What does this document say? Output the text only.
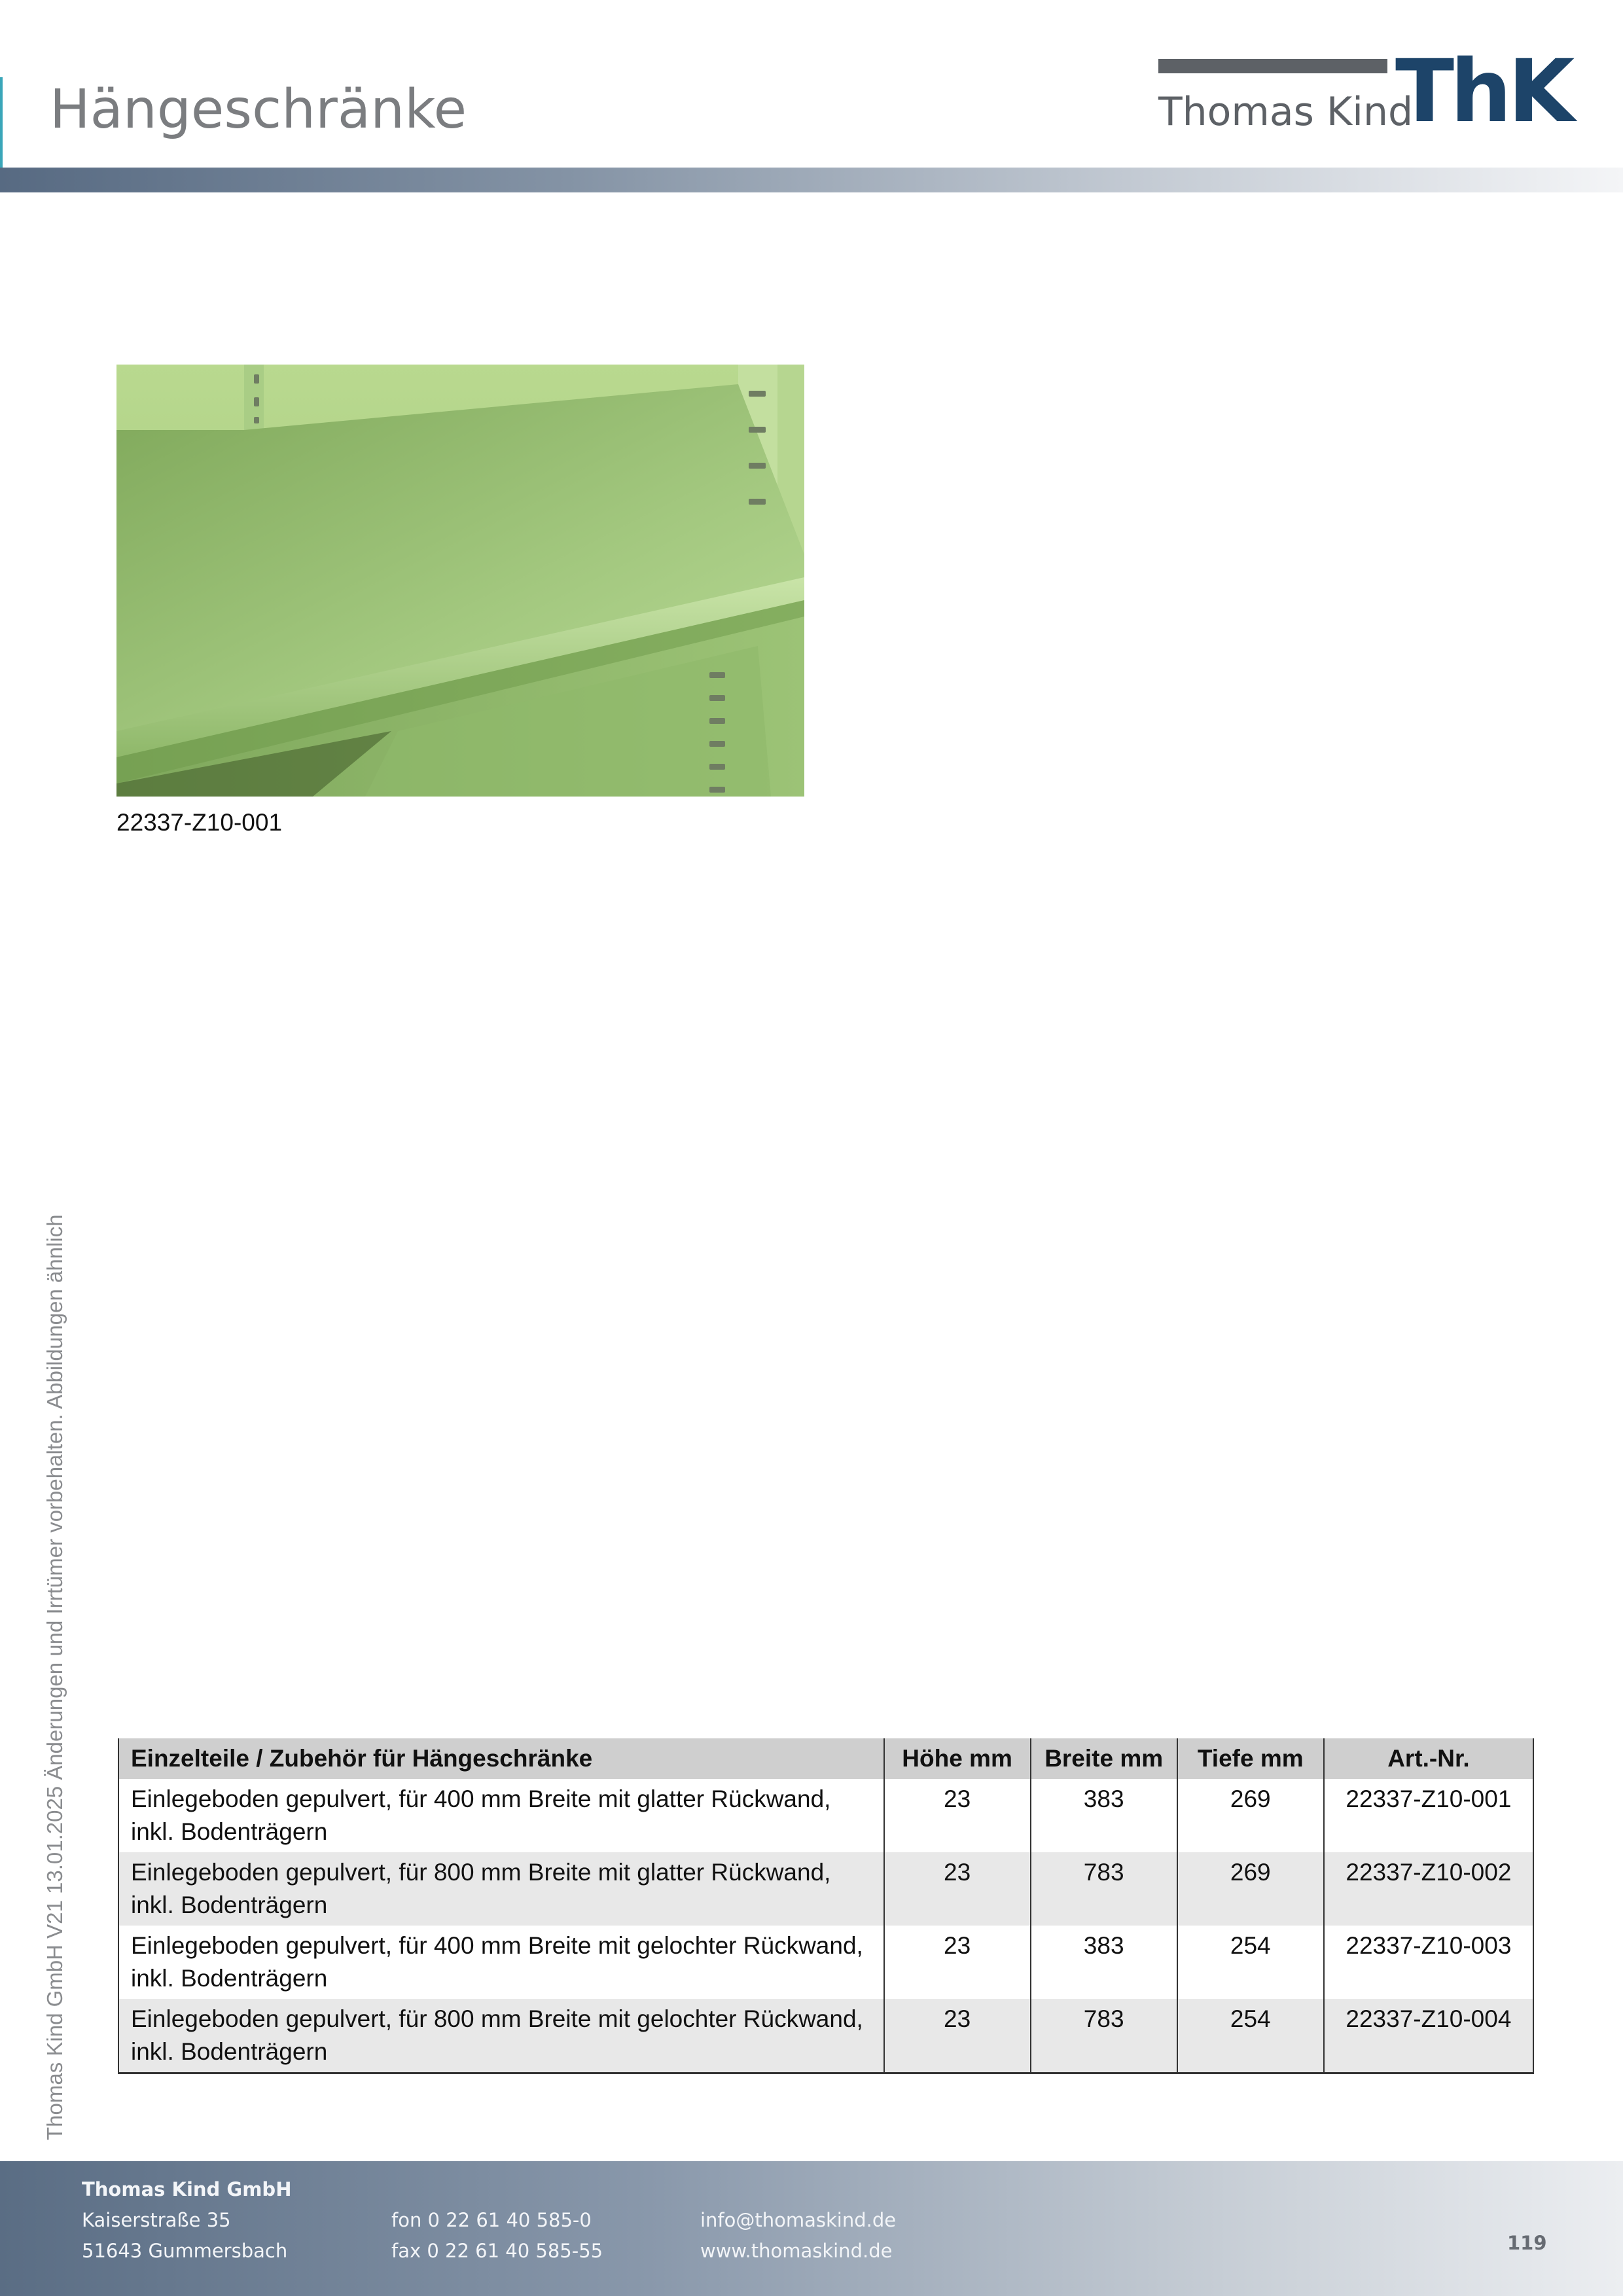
Hängeschränke	Thomas Kind
ThK
22337-Z10-001
Thomas Kind GmbH V21 13.01.2025 Änderungen und Irrtümer vorbehalten. Abbildungen ähnlich	Einzelteile / Zubehör für Hängeschränke	Höhe mm	Breite mm	Tiefe mm	Art.-Nr.
Einlegeboden gepulvert, für 400 mm Breite mit glatter Rückwand, inkl. Bodenträgern	23	383	269	22337-Z10-001
Einlegeboden gepulvert, für 800 mm Breite mit glatter Rückwand, inkl. Bodenträgern	23	783	269	22337-Z10-002
Einlegeboden gepulvert, für 400 mm Breite mit gelochter Rückwand, inkl. Bodenträgern	23	383	254	22337-Z10-003
Einlegeboden gepulvert, für 800 mm Breite mit gelochter Rückwand, inkl. Bodenträgern	23	783	254	22337-Z10-004
Thomas Kind GmbH
Kaiserstraße 35
51643 Gummersbach
fon 0 22 61 40 585-0
fax 0 22 61 40 585-55
info@thomaskind.de
www.thomaskind.de	119
